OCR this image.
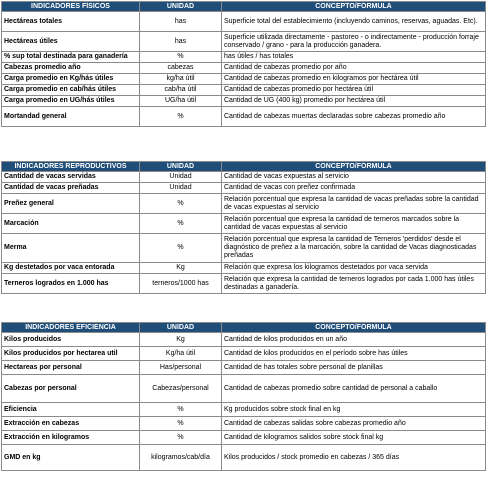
INDICADORES FÍSICOS	UNIDAD	CONCEPTO/FÓRMULA
Hectáreas totales	has	Superficie total del establecimiento (incluyendo caminos, reservas, aguadas. Etc).
Hectáreas útiles	has	Superficie utilizada directamente - pastoreo - o indirectamente - producción forraje conservado / grano - para la producción ganadera.
% sup total destinada para ganadería	%	has útiles / has totales
Cabezas promedio año	cabezas	Cantidad de cabezas promedio por año
Carga promedio en Kg/hás útiles	kg/ha útil	Cantidad de cabezas promedio en kilogramos por hectárea útil
Carga promedio en cab/hás útiles	cab/ha útil	Cantidad de cabezas promedio por hectárea útil
Carga promedio en UG/hás útiles	UG/ha útil	Cantidad de UG (400 kg) promedio por hectárea útil
Mortandad general	%	Cantidad de cabezas muertas declaradas sobre cabezas promedio año
INDICADORES REPRODUCTIVOS	UNIDAD	CONCEPTO/FÓRMULA
Cantidad de vacas servidas	Unidad	Cantidad de vacas expuestas al servicio
Cantidad de vacas preñadas	Unidad	Cantidad de vacas con preñez confirmada
Preñez general	%	Relación porcentual que expresa la cantidad de vacas preñadas sobre la cantidad de vacas expuestas al servicio
Marcación	%	Relación porcentual que expresa la cantidad de terneros marcados sobre la cantidad de vacas expuestas al servicio
Merma	%	Relación porcentual que expresa la cantidad de Terneros 'perdidos' desde el diagnóstico de preñez a la marcación, sobre la cantidad de Vacas diagnosticadas preñadas
Kg destetados por vaca entorada	Kg	Relación que expresa los kilogramos destetados por vaca servida
Terneros logrados en 1.000 has	terneros/1000 has	Relación que expresa la cantidad de terneros logrados por cada 1.000 has útiles destinadas a ganadería.
INDICADORES EFICIENCIA	UNIDAD	CONCEPTO/FÓRMULA
Kilos producidos	Kg	Cantidad de kilos producidos en un año
Kilos producidos por hectarea util	Kg/ha útil	Cantidad de kilos producidos en el período sobre has útiles
Hectareas por personal	Has/personal	Cantidad de has totales sobre personal de planillas
Cabezas por personal	Cabezas/personal	Cantidad de cabezas promedio sobre cantidad de personal a caballo
Eficiencia	%	Kg producidos sobre stock final en kg
Extracción en cabezas	%	Cantidad de cabezas salidas sobre cabezas promedio año
Extracción en kilogramos	%	Cantidad de kilogramos salidos sobre stock final kg
GMD en kg	kilogramos/cab/día	Kilos producidos / stock promedio en cabezas / 365 días
